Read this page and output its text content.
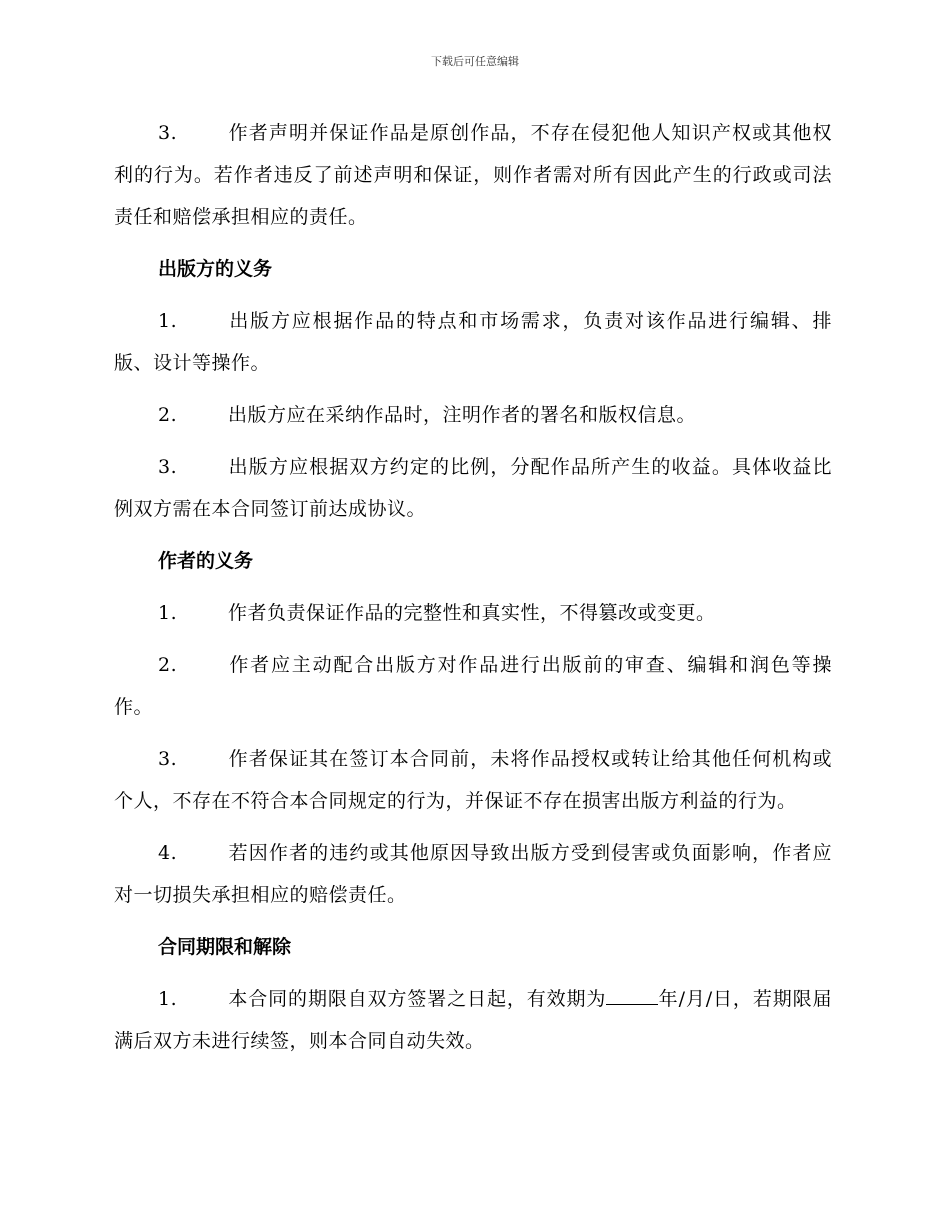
下载后可任意编辑

3.	作者声明并保证作品是原创作品，不存在侵犯他人知识产权或其他权利的行为。若作者违反了前述声明和保证，则作者需对所有因此产生的行政或司法责任和赔偿承担相应的责任。

出版方的义务

1.	出版方应根据作品的特点和市场需求，负责对该作品进行编辑、排版、设计等操作。

2.	出版方应在采纳作品时，注明作者的署名和版权信息。

3.	出版方应根据双方约定的比例，分配作品所产生的收益。具体收益比例双方需在本合同签订前达成协议。

作者的义务

1.	作者负责保证作品的完整性和真实性，不得篡改或变更。

2.	作者应主动配合出版方对作品进行出版前的审查、编辑和润色等操作。

3.	作者保证其在签订本合同前，未将作品授权或转让给其他任何机构或个人，不存在不符合本合同规定的行为，并保证不存在损害出版方利益的行为。

4.	若因作者的违约或其他原因导致出版方受到侵害或负面影响，作者应对一切损失承担相应的赔偿责任。

合同期限和解除

1.	本合同的期限自双方签署之日起，有效期为	年/月/日，若期限届满后双方未进行续签，则本合同自动失效。
